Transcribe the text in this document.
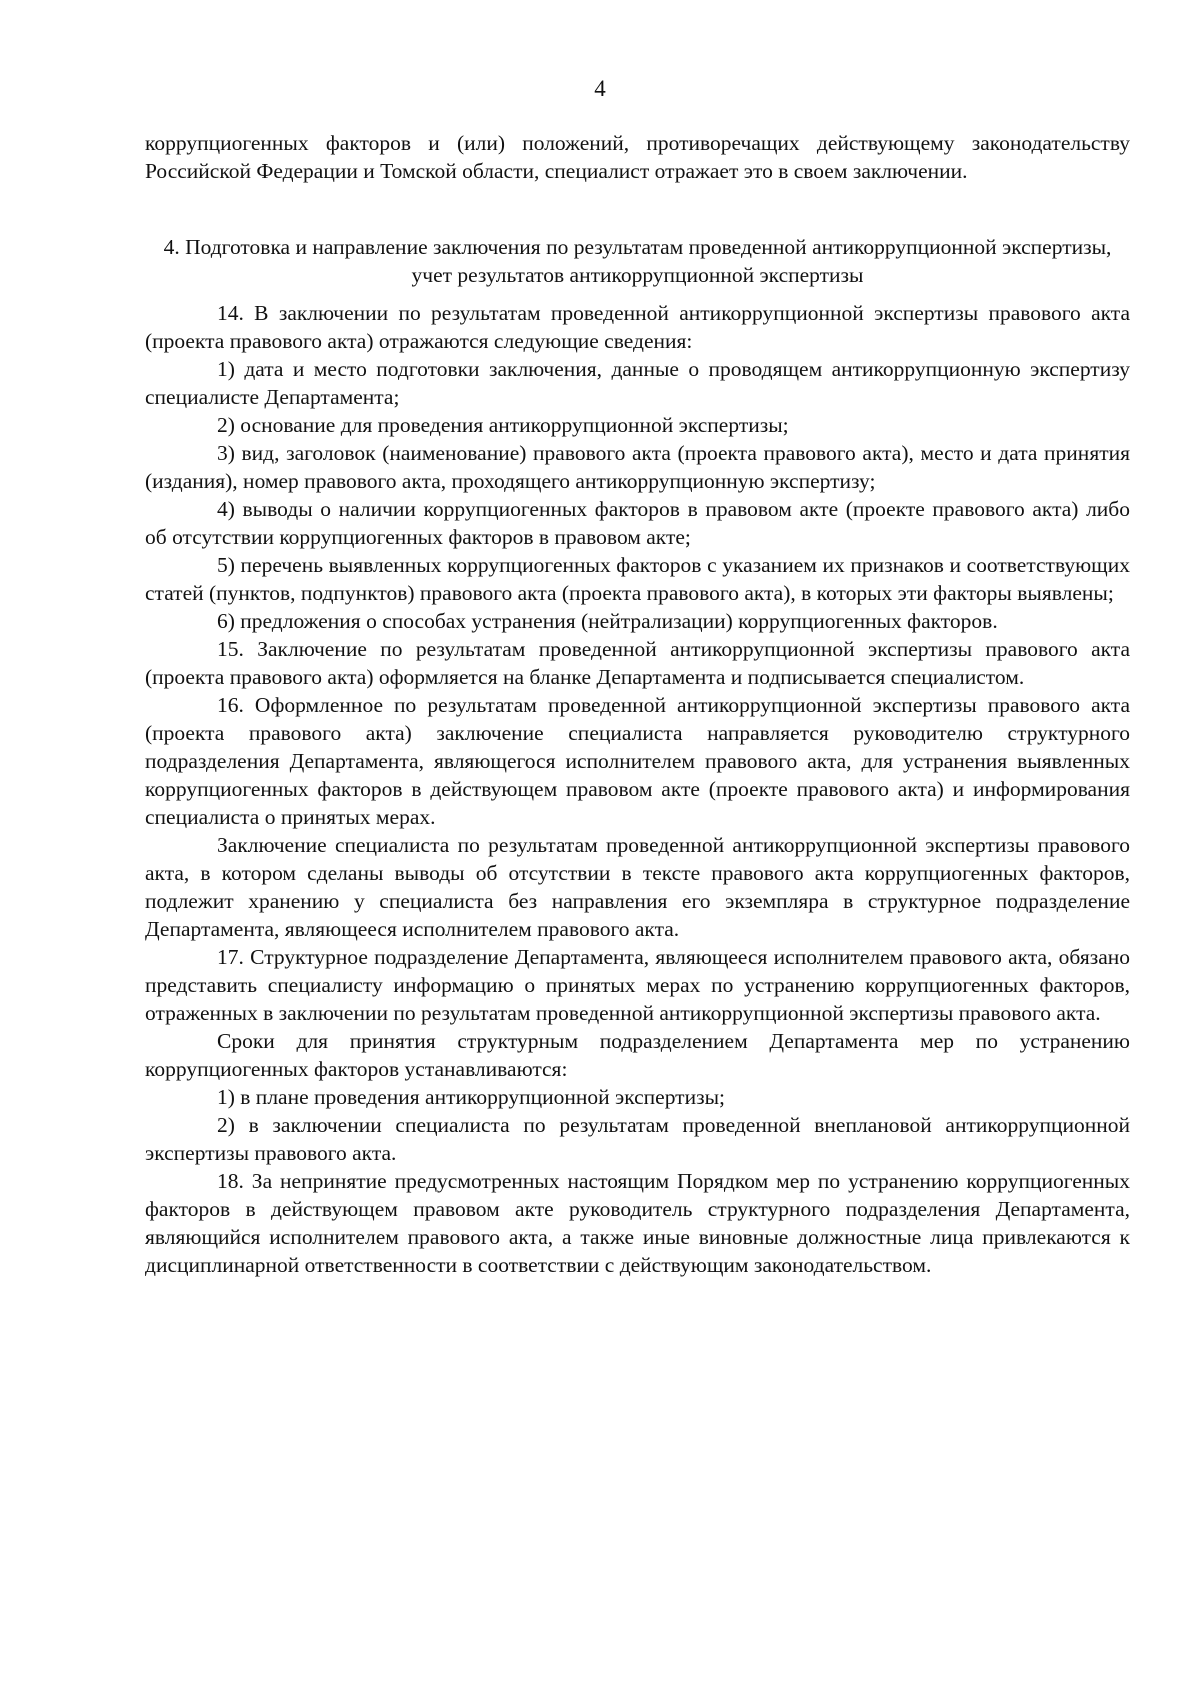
4

коррупциогенных факторов и (или) положений, противоречащих действующему законодательству Российской Федерации и Томской области, специалист отражает это в своем заключении.

4. Подготовка и направление заключения по результатам проведенной антикоррупционной экспертизы, учет результатов антикоррупционной экспертизы

14. В заключении по результатам проведенной антикоррупционной экспертизы правового акта (проекта правового акта) отражаются следующие сведения:

1) дата и место подготовки заключения, данные о проводящем антикоррупционную экспертизу специалисте Департамента;

2) основание для проведения антикоррупционной экспертизы;

3) вид, заголовок (наименование) правового акта (проекта правового акта), место и дата принятия (издания), номер правового акта, проходящего антикоррупционную экспертизу;

4) выводы о наличии коррупциогенных факторов в правовом акте (проекте правового акта) либо об отсутствии коррупциогенных факторов в правовом акте;

5) перечень выявленных коррупциогенных факторов с указанием их признаков и соответствующих статей (пунктов, подпунктов) правового акта (проекта правового акта), в которых эти факторы выявлены;

6) предложения о способах устранения (нейтрализации) коррупциогенных факторов.

15. Заключение по результатам проведенной антикоррупционной экспертизы правового акта (проекта правового акта) оформляется на бланке Департамента и подписывается специалистом.

16. Оформленное по результатам проведенной антикоррупционной экспертизы правового акта (проекта правового акта) заключение специалиста направляется руководителю структурного подразделения Департамента, являющегося исполнителем правового акта, для устранения выявленных коррупциогенных факторов в действующем правовом акте (проекте правового акта) и информирования специалиста о принятых мерах.

Заключение специалиста по результатам проведенной антикоррупционной экспертизы правового акта, в котором сделаны выводы об отсутствии в тексте правового акта коррупциогенных факторов, подлежит хранению у специалиста без направления его экземпляра в структурное подразделение Департамента, являющееся исполнителем правового акта.

17. Структурное подразделение Департамента, являющееся исполнителем правового акта, обязано представить специалисту информацию о принятых мерах по устранению коррупциогенных факторов, отраженных в заключении по результатам проведенной антикоррупционной экспертизы правового акта.

Сроки для принятия структурным подразделением Департамента мер по устранению коррупциогенных факторов устанавливаются:

1) в плане проведения антикоррупционной экспертизы;

2) в заключении специалиста по результатам проведенной внеплановой антикоррупционной экспертизы правового акта.

18. За непринятие предусмотренных настоящим Порядком мер по устранению коррупциогенных факторов в действующем правовом акте руководитель структурного подразделения Департамента, являющийся исполнителем правового акта, а также иные виновные должностные лица привлекаются к дисциплинарной ответственности в соответствии с действующим законодательством.
